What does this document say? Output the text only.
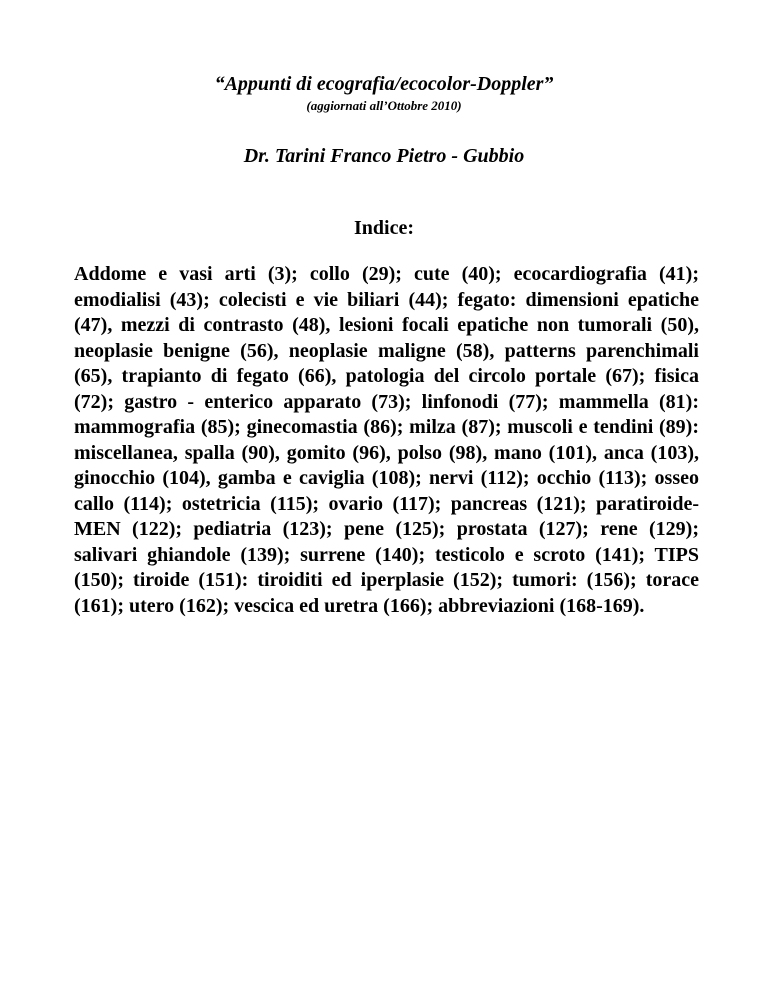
“Appunti di ecografia/ecocolor-Doppler”

(aggiornati all’Ottobre 2010)

Dr. Tarini Franco Pietro - Gubbio

Indice:

Addome e vasi arti (3); collo (29); cute (40); ecocardiografia (41); emodialisi (43); colecisti e vie biliari (44); fegato: dimensioni epatiche (47), mezzi di contrasto (48), lesioni focali epatiche non tumorali (50), neoplasie benigne (56), neoplasie maligne (58), patterns parenchimali (65), trapianto di fegato (66), patologia del circolo portale (67); fisica (72); gastro - enterico apparato (73); linfonodi (77); mammella (81): mammografia (85); ginecomastia (86); milza (87); muscoli e tendini (89): miscellanea, spalla (90), gomito (96), polso (98), mano (101), anca (103), ginocchio (104), gamba e caviglia (108); nervi (112); occhio (113); osseo callo (114); ostetricia (115); ovario (117); pancreas (121); paratiroide-MEN (122); pediatria (123); pene (125); prostata (127); rene (129); salivari ghiandole (139); surrene (140); testicolo e scroto (141); TIPS (150); tiroide (151): tiroiditi ed iperplasie (152); tumori: (156); torace (161); utero (162); vescica ed uretra (166); abbreviazioni (168-169).
